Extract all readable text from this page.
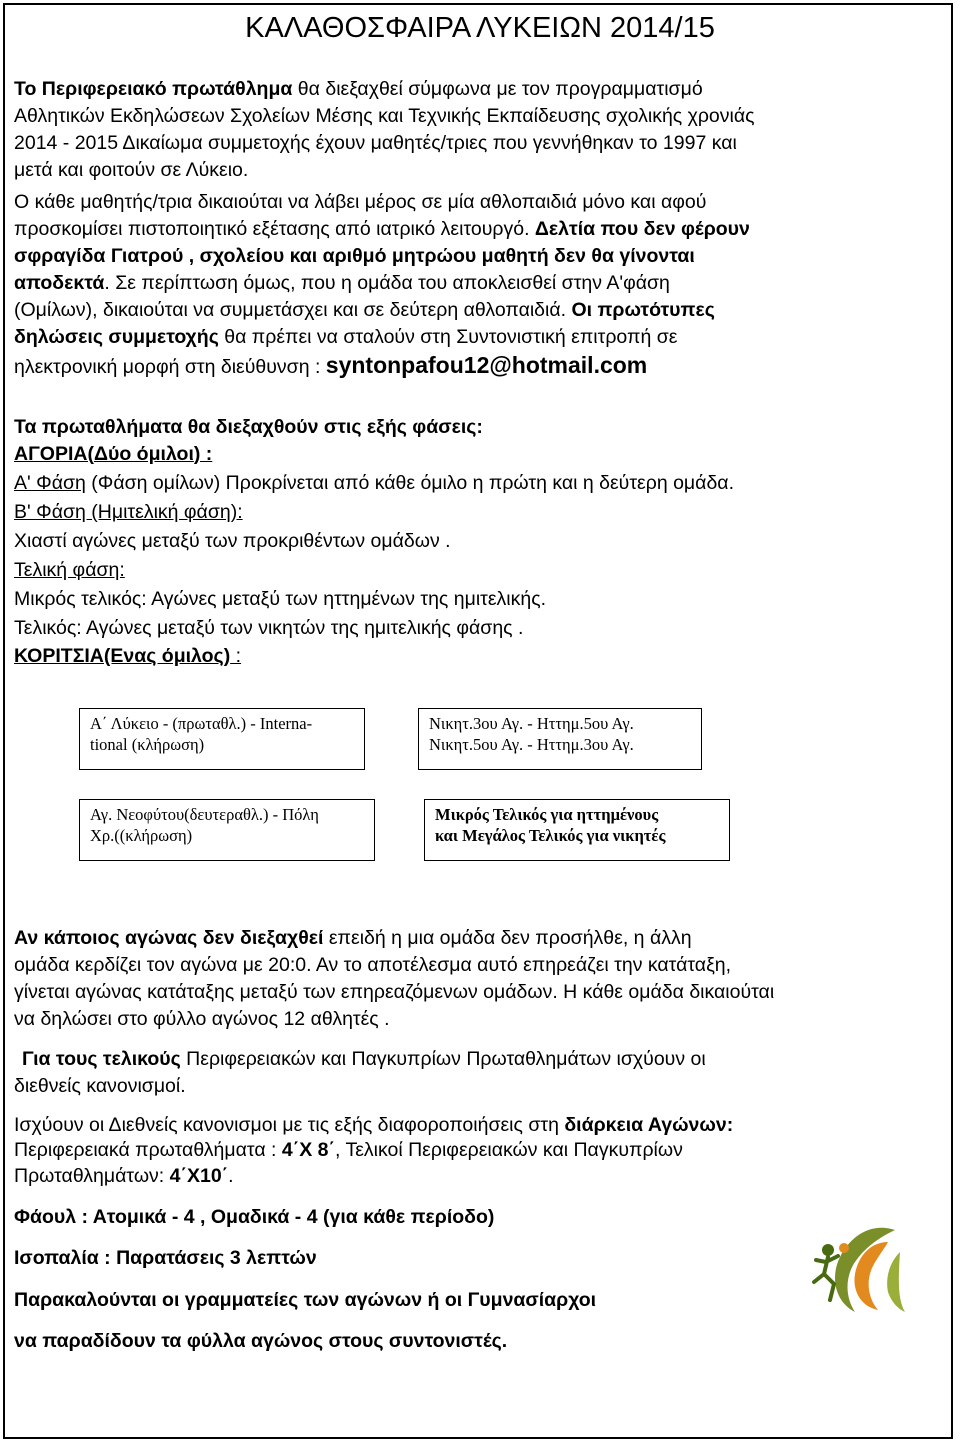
ΚΑΛΑΘΟΣΦΑΙΡΑ ΛΥΚΕΙΩΝ 2014/15
Το Περιφερειακό πρωτάθλημα θα διεξαχθεί σύμφωνα με τον προγραμματισμό
Αθλητικών Εκδηλώσεων Σχολείων Μέσης και Τεχνικής Εκπαίδευσης σχολικής χρονιάς
2014 - 2015 Δικαίωμα συμμετοχής έχουν μαθητές/τριες που γεννήθηκαν το 1997 και
μετά και φοιτούν σε Λύκειο.
Ο κάθε μαθητής/τρια δικαιούται να λάβει μέρος σε μία αθλοπαιδιά μόνο και αφού
προσκομίσει πιστοποιητικό εξέτασης από ιατρικό λειτουργό. Δελτία που δεν φέρουν
σφραγίδα Γιατρού , σχολείου και αριθμό μητρώου μαθητή δεν θα γίνονται
αποδεκτά. Σε περίπτωση όμως, που η ομάδα του αποκλεισθεί στην Α'φάση
(Ομίλων), δικαιούται να συμμετάσχει και σε δεύτερη αθλοπαιδιά. Οι πρωτότυπες
δηλώσεις συμμετοχής θα πρέπει να σταλούν στη Συντονιστική επιτροπή σε
ηλεκτρονική μορφή στη διεύθυνση : syntonpafou12@hotmail.com
Τα πρωταθλήματα θα διεξαχθούν στις εξής φάσεις:
ΑΓΟΡΙΑ(Δύο όμιλοι) :
Α' Φάση (Φάση ομίλων) Προκρίνεται από κάθε όμιλο η πρώτη και η δεύτερη ομάδα.
Β' Φάση (Ημιτελική φάση):
Χιαστί αγώνες μεταξύ των προκριθέντων ομάδων .
Τελική φάση:
Μικρός τελικός: Αγώνες μεταξύ των ηττημένων της ημιτελικής.
Τελικός: Αγώνες μεταξύ των νικητών της ημιτελικής φάσης .
ΚΟΡΙΤΣΙΑ(Ενας όμιλος) :
Α΄ Λύκειο - (πρωταθλ.) - Interna-
tional (κλήρωση)
Νικητ.3ου Αγ. - Ηττημ.5ου Αγ.
Νικητ.5ου Αγ. - Ηττημ.3ου Αγ.
Αγ. Νεοφύτου(δευτεραθλ.) - Πόλη
Χρ.((κλήρωση)
Μικρός Τελικός για ηττημένους
και Μεγάλος Τελικός για νικητές
Αν κάποιος αγώνας δεν διεξαχθεί επειδή η μια ομάδα δεν προσήλθε, η άλλη
ομάδα κερδίζει τον αγώνα με 20:0. Αν το αποτέλεσμα αυτό επηρεάζει την κατάταξη,
γίνεται αγώνας κατάταξης μεταξύ των επηρεαζόμενων ομάδων. Η κάθε ομάδα δικαιούται
να δηλώσει στο φύλλο αγώνος 12 αθλητές .
Για τους τελικούς Περιφερειακών και Παγκυπρίων Πρωταθλημάτων ισχύουν οι
διεθνείς κανονισμοί.
Ισχύουν οι Διεθνείς κανονισμοι με τις εξής διαφοροποιήσεις στη διάρκεια Αγώνων:
Περιφερειακά πρωταθλήματα : 4΄Χ 8΄, Τελικοί Περιφερειακών και Παγκυπρίων
Πρωταθλημάτων: 4΄Χ10΄.
Φάουλ : Ατομικά - 4 , Ομαδικά - 4 (για κάθε περίοδο)
Ισοπαλία : Παρατάσεις 3 λεπτών
Παρακαλούνται οι γραμματείες των αγώνων ή οι Γυμνασίαρχοι
να παραδίδουν τα φύλλα αγώνος στους συντονιστές.
